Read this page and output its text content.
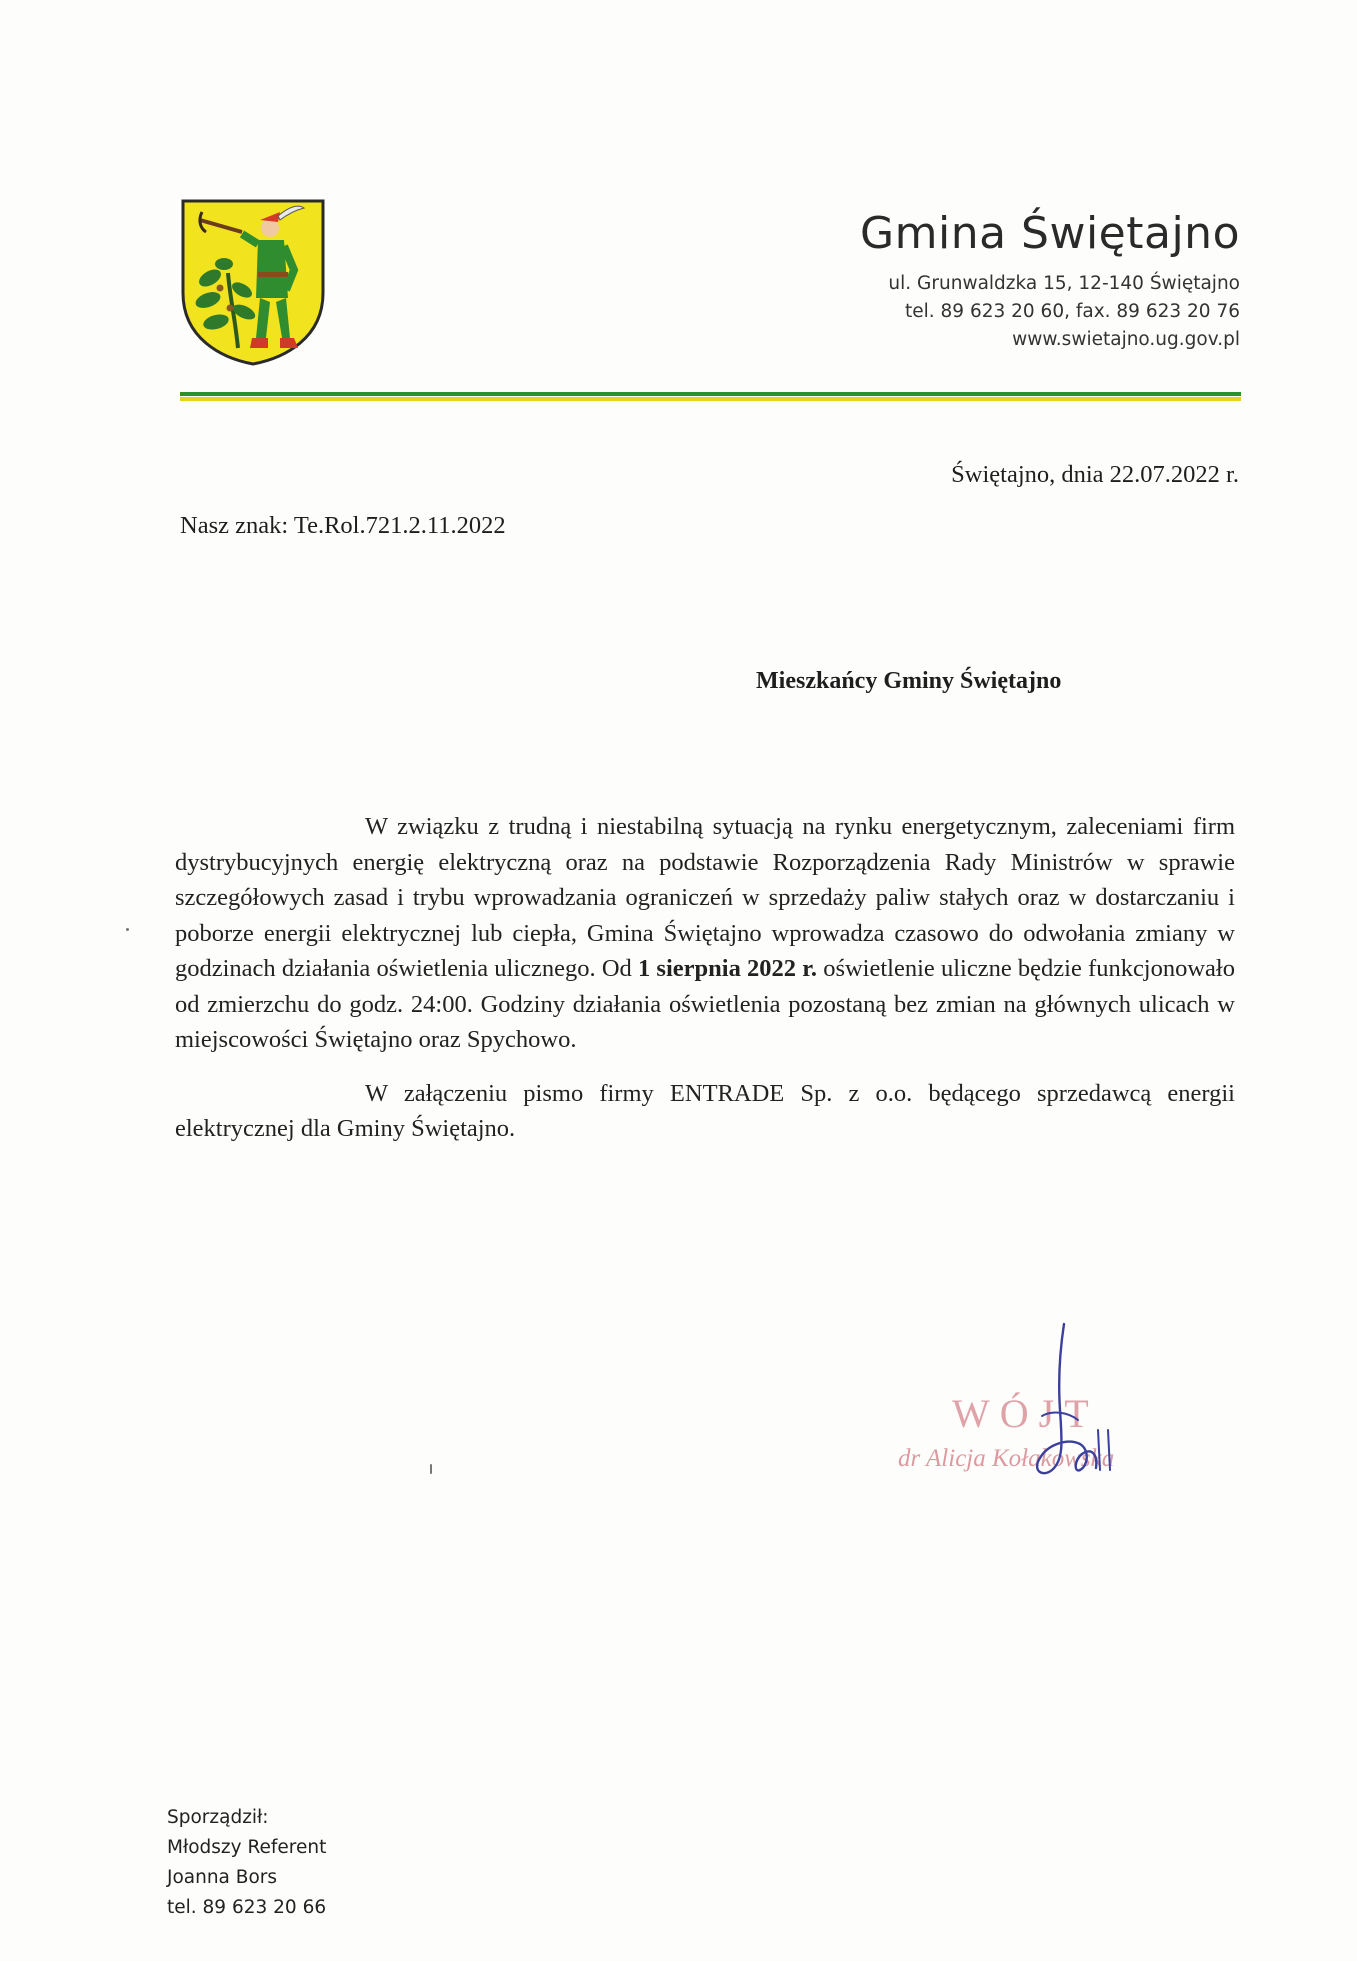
Gmina Świętajno
ul. Grunwaldzka 15, 12-140 Świętajno
tel. 89 623 20 60, fax. 89 623 20 76
www.swietajno.ug.gov.pl
Świętajno, dnia 22.07.2022 r.
Nasz znak: Te.Rol.721.2.11.2022
Mieszkańcy Gminy Świętajno

W związku z trudną i niestabilną sytuacją na rynku energetycznym, zaleceniami firm dystrybucyjnych energię elektryczną oraz na podstawie Rozporządzenia Rady Ministrów w sprawie szczegółowych zasad i trybu wprowadzania ograniczeń w sprzedaży paliw stałych oraz w dostarczaniu i poborze energii elektrycznej lub ciepła, Gmina Świętajno wprowadza czasowo do odwołania zmiany w godzinach działania oświetlenia ulicznego. Od 1 sierpnia 2022 r. oświetlenie uliczne będzie funkcjonowało od zmierzchu do godz. 24:00. Godziny działania oświetlenia pozostaną bez zmian na głównych ulicach w miejscowości Świętajno oraz Spychowo.

W załączeniu pismo firmy ENTRADE Sp. z o.o. będącego sprzedawcą energii elektrycznej dla Gminy Świętajno.

WÓJT
dr Alicja Kołakowska
Sporządził:
Młodszy Referent
Joanna Bors
tel. 89 623 20 66
